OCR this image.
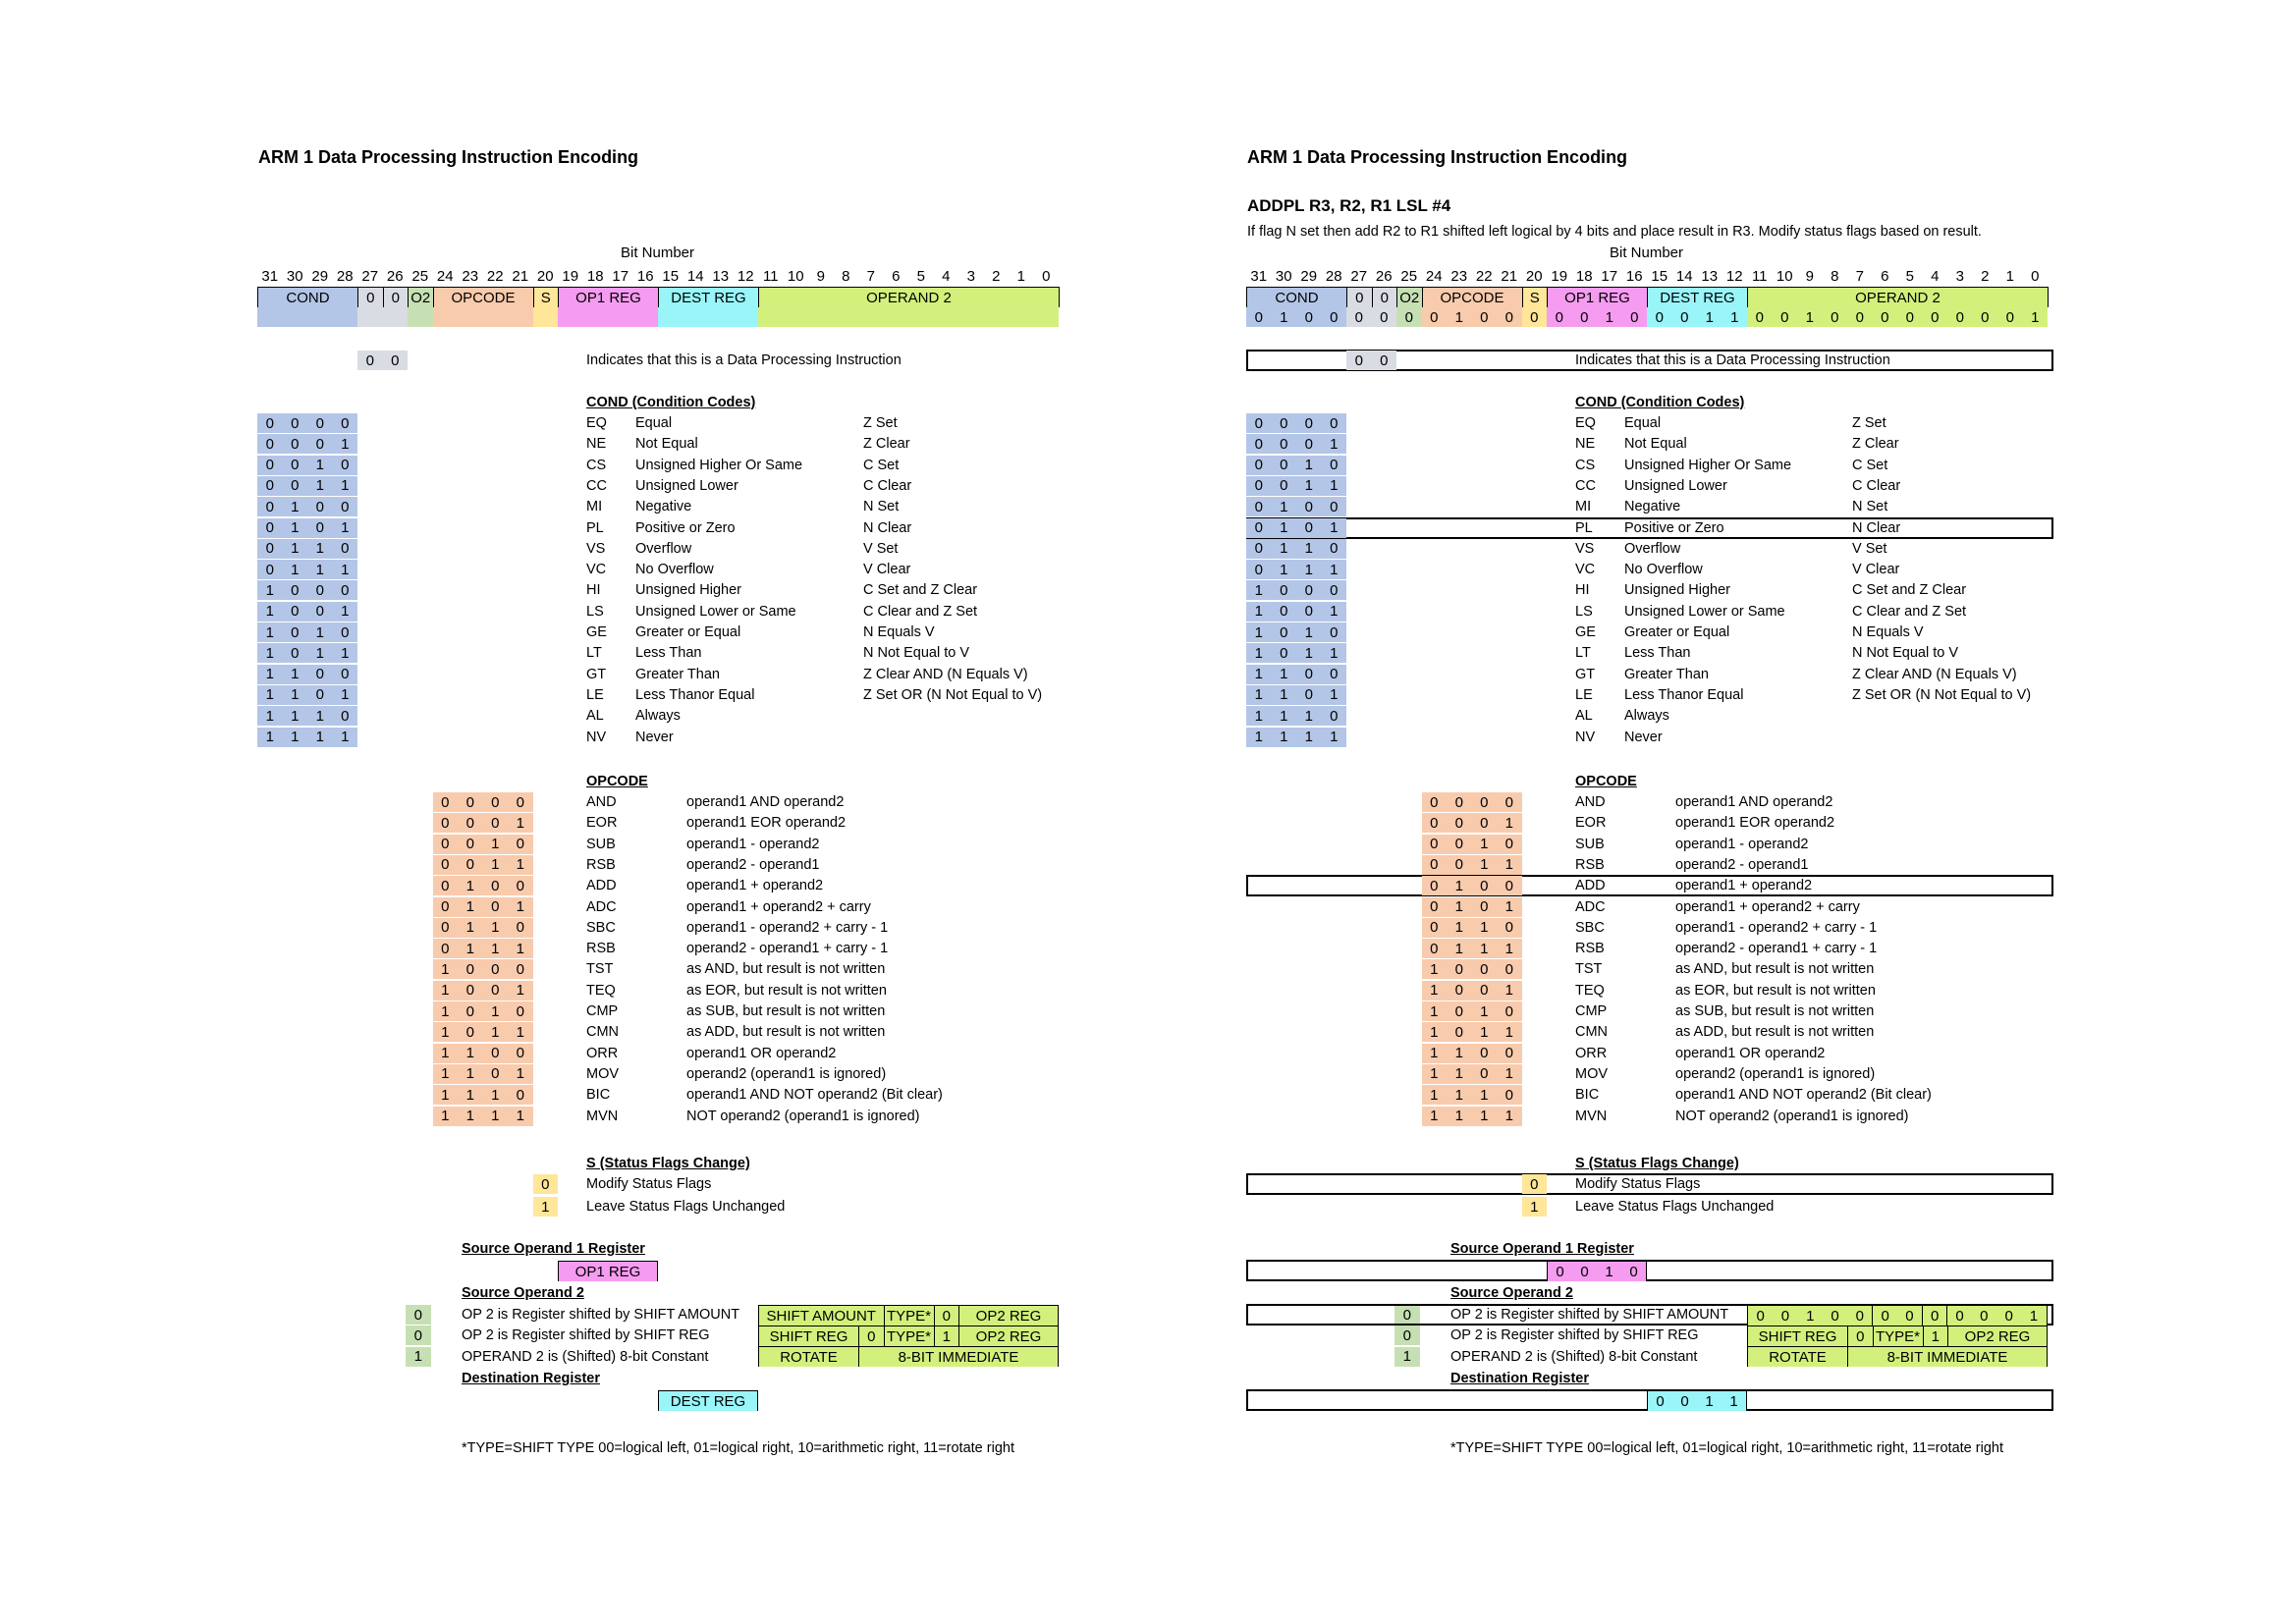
ARM 1 Data Processing Instruction Encoding
Bit Number
31 30 29 28 27 26 25 24 23 22 21 20 19 18 17 16 15 14 13 12 11 10 9	8	7	6	5	4	3	2	1	0
COND	0	0 O2	OPCODE	S	OP1 REG	DEST REG	OPERAND 2
0	0	Indicates that this is a Data Processing Instruction
COND (Condition Codes)
0	0	0	0	EQ Equal	Z Set
0	0	0	1	NE Not Equal	Z Clear
0	0	1	0	CS Unsigned Higher Or Same	C Set
0	0	1	1	CC Unsigned Lower	C Clear
0	1	0	0	MI Negative	N Set
0	1	0	1	PL Positive or Zero	N Clear
0	1	1	0	VS Overflow	V Set
0	1	1	1	VC No Overflow	V Clear
1	0	0	0	HI Unsigned Higher	C Set and Z Clear
1	0	0	1	LS Unsigned Lower or Same	C Clear and Z Set
1	0	1	0	GE Greater or Equal	N Equals V
1	0	1	1	LT Less Than	N Not Equal to V
1	1	0	0	GT Greater Than	Z Clear AND (N Equals V)
1	1	0	1	LE Less Thanor Equal	Z Set OR (N Not Equal to V)
1	1	1	0	AL Always
1	1	1	1	NV Never
OPCODE
0	0	0	0	AND	operand1 AND operand2
0	0	0	1	EOR	operand1 EOR operand2
0	0	1	0	SUB	operand1 - operand2
0	0	1	1	RSB	operand2 - operand1
0	1	0	0	ADD	operand1 + operand2
0	1	0	1	ADC	operand1 + operand2 + carry
0	1	1	0	SBC	operand1 - operand2 + carry - 1
0	1	1	1	RSB	operand2 - operand1 + carry - 1
1	0	0	0	TST	as AND, but result is not written
1	0	0	1	TEQ	as EOR, but result is not written
1	0	1	0	CMP	as SUB, but result is not written
1	0	1	1	CMN	as ADD, but result is not written
1	1	0	0	ORR	operand1 OR operand2
1	1	0	1	MOV	operand2 (operand1 is ignored)
1	1	1	0	BIC	operand1 AND NOT operand2 (Bit clear)
1	1	1	1	MVN	NOT operand2 (operand1 is ignored)
S (Status Flags Change)
0	Modify Status Flags
1	Leave Status Flags Unchanged
Source Operand 1 Register
OP1 REG
Source Operand 2
0	OP 2 is Register shifted by SHIFT AMOUNT
0	OP 2 is Register shifted by SHIFT REG
1	OPERAND 2 is (Shifted) 8-bit Constant
SHIFT AMOUNT TYPE* 0	OP2 REG
SHIFT REG	0 TYPE* 1	OP2 REG
ROTATE	8-BIT IMMEDIATE
Destination Register
DEST REG
*TYPE=SHIFT TYPE 00=logical left, 01=logical right, 10=arithmetic right, 11=rotate right
ARM 1 Data Processing Instruction Encoding
ADDPL R3, R2, R1 LSL #4
If flag N set then add R2 to R1 shifted left logical by 4 bits and place result in R3. Modify status flags based on result.
Bit Number
31 30 29 28 27 26 25 24 23 22 21 20 19 18 17 16 15 14 13 12 11 10 9	8	7	6	5	4	3	2	1	0
COND	0	0 O2	OPCODE	S	OP1 REG	DEST REG	OPERAND 2
0	1	0	0	0	0	0	0	1	0	0	0	0	0	1	0	0	0	1	1	0	0	1	0	0	0	0	0	0	0	0	1
0	0	Indicates that this is a Data Processing Instruction
COND (Condition Codes)
0	0	0	0	EQ Equal	Z Set
0	0	0	1	NE Not Equal	Z Clear
0	0	1	0	CS Unsigned Higher Or Same	C Set
0	0	1	1	CC Unsigned Lower	C Clear
0	1	0	0	MI Negative	N Set
0	1	0	1	PL Positive or Zero	N Clear
0	1	1	0	VS Overflow	V Set
0	1	1	1	VC No Overflow	V Clear
1	0	0	0	HI Unsigned Higher	C Set and Z Clear
1	0	0	1	LS Unsigned Lower or Same	C Clear and Z Set
1	0	1	0	GE Greater or Equal	N Equals V
1	0	1	1	LT Less Than	N Not Equal to V
1	1	0	0	GT Greater Than	Z Clear AND (N Equals V)
1	1	0	1	LE Less Thanor Equal	Z Set OR (N Not Equal to V)
1	1	1	0	AL Always
1	1	1	1	NV Never
OPCODE
0	0	0	0	AND	operand1 AND operand2
0	0	0	1	EOR	operand1 EOR operand2
0	0	1	0	SUB	operand1 - operand2
0	0	1	1	RSB	operand2 - operand1
0	1	0	0	ADD	operand1 + operand2
0	1	0	1	ADC	operand1 + operand2 + carry
0	1	1	0	SBC	operand1 - operand2 + carry - 1
0	1	1	1	RSB	operand2 - operand1 + carry - 1
1	0	0	0	TST	as AND, but result is not written
1	0	0	1	TEQ	as EOR, but result is not written
1	0	1	0	CMP	as SUB, but result is not written
1	0	1	1	CMN	as ADD, but result is not written
1	1	0	0	ORR	operand1 OR operand2
1	1	0	1	MOV	operand2 (operand1 is ignored)
1	1	1	0	BIC	operand1 AND NOT operand2 (Bit clear)
1	1	1	1	MVN	NOT operand2 (operand1 is ignored)
S (Status Flags Change)
0	Modify Status Flags
1	Leave Status Flags Unchanged
Source Operand 1 Register
0	0	1	0
Source Operand 2
0	OP 2 is Register shifted by SHIFT AMOUNT
0	OP 2 is Register shifted by SHIFT REG
1	OPERAND 2 is (Shifted) 8-bit Constant
0	0	1	0	0	0	0	0	0	0	0	1
SHIFT REG	0 TYPE* 1	OP2 REG
ROTATE	8-BIT IMMEDIATE
Destination Register
0	0	1	1
*TYPE=SHIFT TYPE 00=logical left, 01=logical right, 10=arithmetic right, 11=rotate right
